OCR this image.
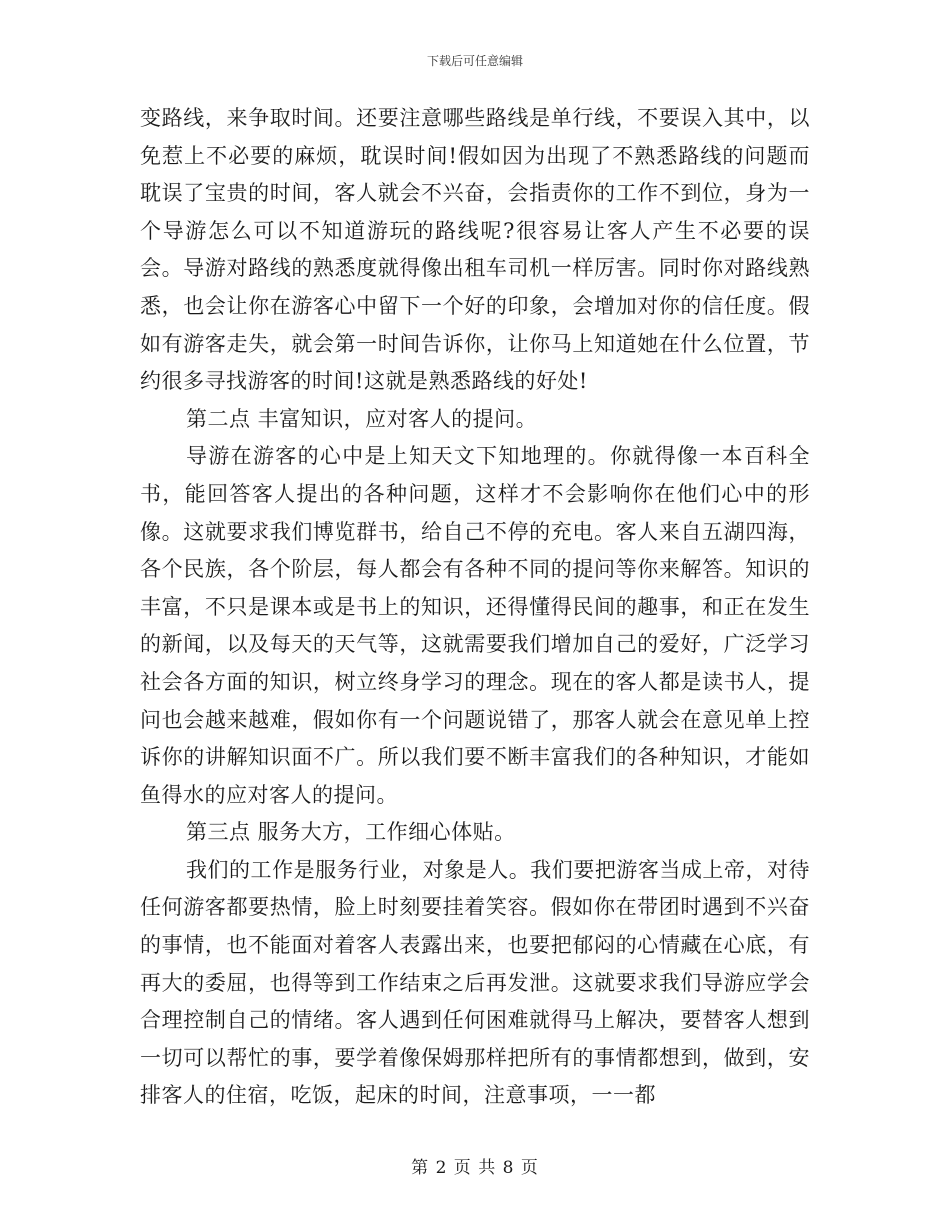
下载后可任意编辑

变路线，来争取时间。还要注意哪些路线是单行线，不要误入其中，以免惹上不必要的麻烦，耽误时间!假如因为出现了不熟悉路线的问题而耽误了宝贵的时间，客人就会不兴奋，会指责你的工作不到位，身为一个导游怎么可以不知道游玩的路线呢?很容易让客人产生不必要的误会。导游对路线的熟悉度就得像出租车司机一样厉害。同时你对路线熟悉，也会让你在游客心中留下一个好的印象，会增加对你的信任度。假如有游客走失，就会第一时间告诉你，让你马上知道她在什么位置，节约很多寻找游客的时间!这就是熟悉路线的好处!

第二点 丰富知识，应对客人的提问。

导游在游客的心中是上知天文下知地理的。你就得像一本百科全书，能回答客人提出的各种问题，这样才不会影响你在他们心中的形像。这就要求我们博览群书，给自己不停的充电。客人来自五湖四海，各个民族，各个阶层，每人都会有各种不同的提问等你来解答。知识的丰富，不只是课本或是书上的知识，还得懂得民间的趣事，和正在发生的新闻，以及每天的天气等，这就需要我们增加自己的爱好，广泛学习社会各方面的知识，树立终身学习的理念。现在的客人都是读书人，提问也会越来越难，假如你有一个问题说错了，那客人就会在意见单上控诉你的讲解知识面不广。所以我们要不断丰富我们的各种知识，才能如鱼得水的应对客人的提问。

第三点 服务大方，工作细心体贴。

我们的工作是服务行业，对象是人。我们要把游客当成上帝，对待任何游客都要热情，脸上时刻要挂着笑容。假如你在带团时遇到不兴奋的事情，也不能面对着客人表露出来，也要把郁闷的心情藏在心底，有再大的委屈，也得等到工作结束之后再发泄。这就要求我们导游应学会合理控制自己的情绪。客人遇到任何困难就得马上解决，要替客人想到一切可以帮忙的事，要学着像保姆那样把所有的事情都想到，做到，安排客人的住宿，吃饭，起床的时间，注意事项，一一都

第 2 页 共 8 页
